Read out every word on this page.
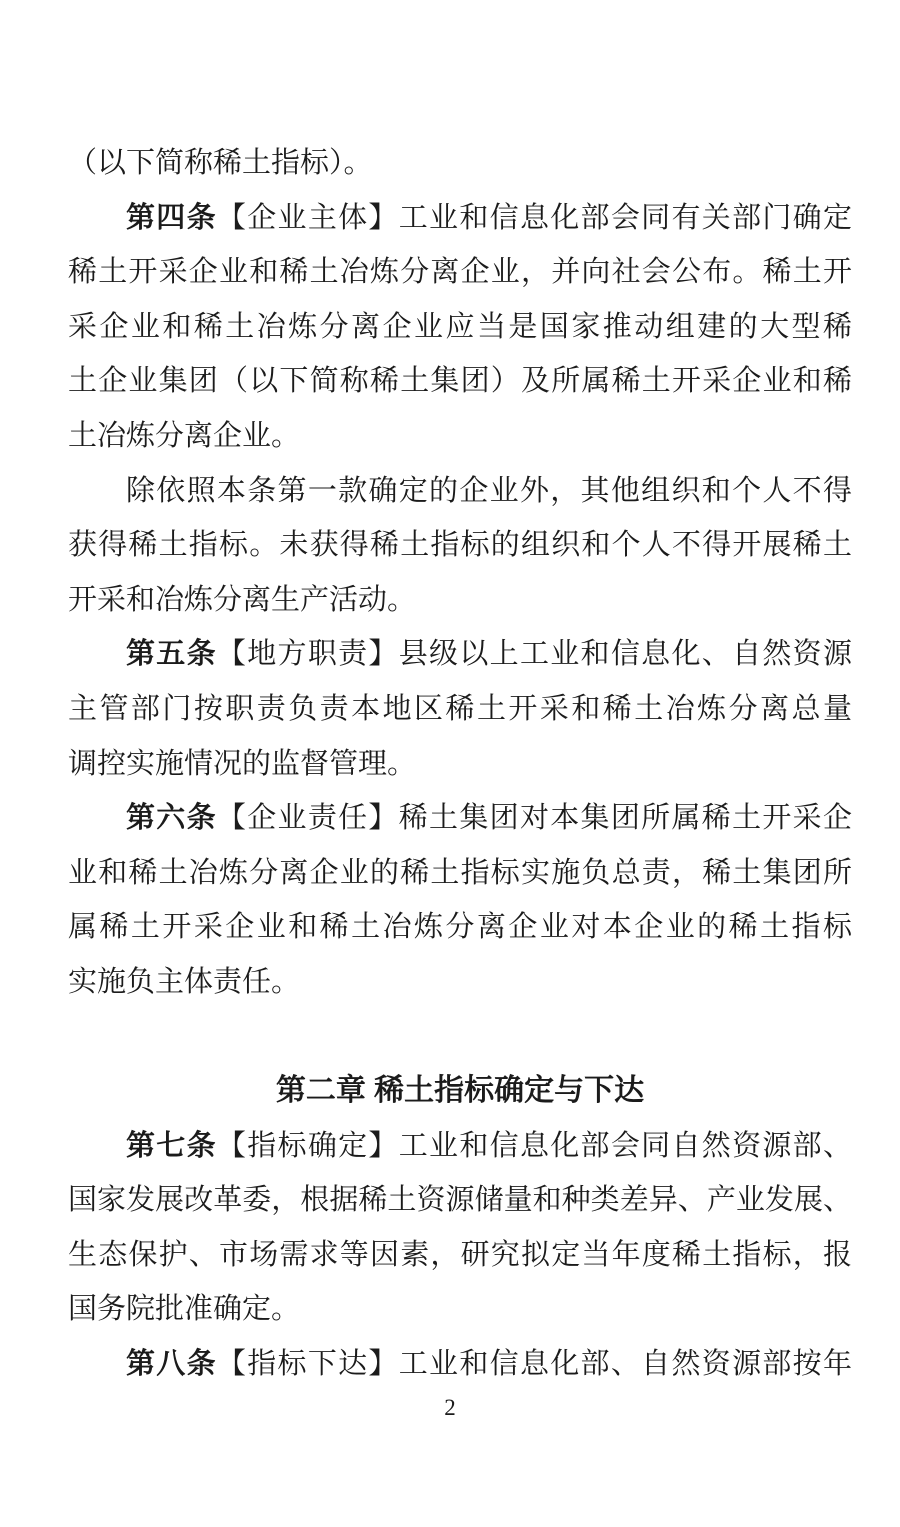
（以下简称稀土指标）。
第四条【企业主体】工业和信息化部会同有关部门确定
稀土开采企业和稀土冶炼分离企业，并向社会公布。稀土开
采企业和稀土冶炼分离企业应当是国家推动组建的大型稀
土企业集团（以下简称稀土集团）及所属稀土开采企业和稀
土冶炼分离企业。
除依照本条第一款确定的企业外，其他组织和个人不得
获得稀土指标。未获得稀土指标的组织和个人不得开展稀土
开采和冶炼分离生产活动。
第五条【地方职责】县级以上工业和信息化、自然资源
主管部门按职责负责本地区稀土开采和稀土冶炼分离总量
调控实施情况的监督管理。
第六条【企业责任】稀土集团对本集团所属稀土开采企
业和稀土冶炼分离企业的稀土指标实施负总责，稀土集团所
属稀土开采企业和稀土冶炼分离企业对本企业的稀土指标
实施负主体责任。
第二章 稀土指标确定与下达
第七条【指标确定】工业和信息化部会同自然资源部、
国家发展改革委，根据稀土资源储量和种类差异、产业发展、
生态保护、市场需求等因素，研究拟定当年度稀土指标，报
国务院批准确定。
第八条【指标下达】工业和信息化部、自然资源部按年
2
